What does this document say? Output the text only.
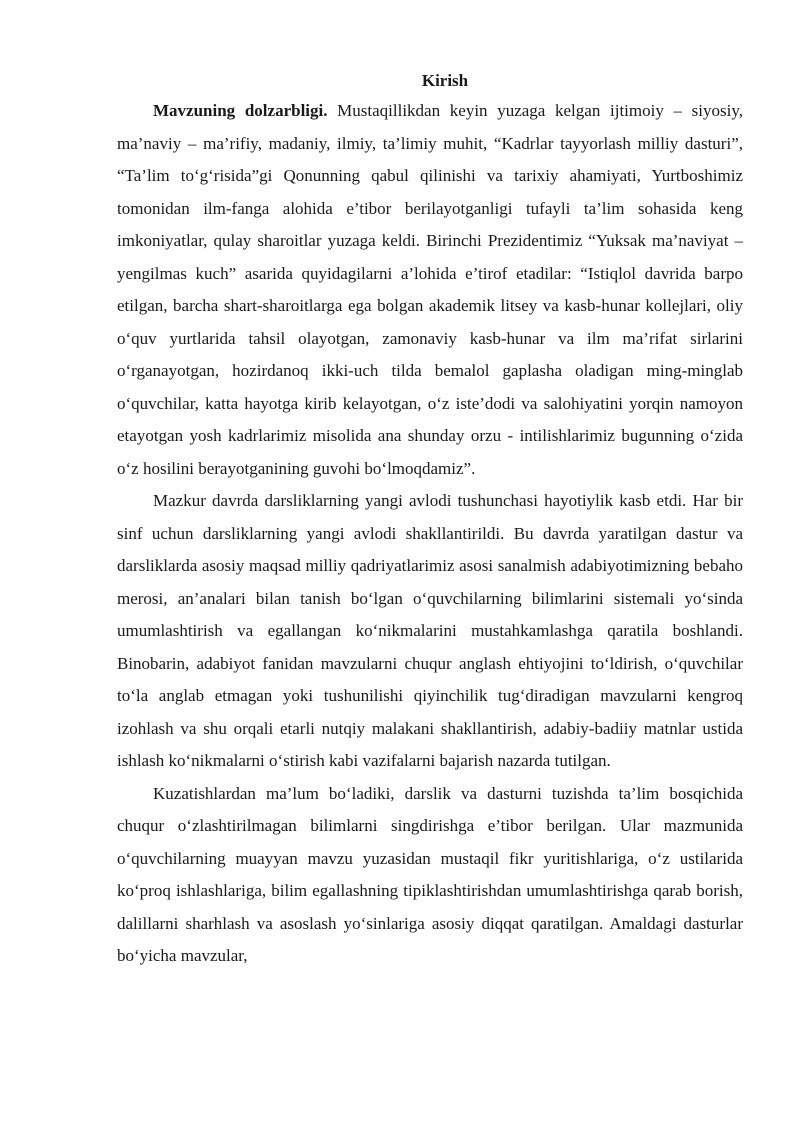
Kirish

Mavzuning dolzarbligi. Mustaqillikdan keyin yuzaga kelgan ijtimoiy – siyosiy, ma’naviy – ma’rifiy, madaniy, ilmiy, ta’limiy muhit, “Kadrlar tayyorlash milliy dasturi”, “Ta’lim to‘g‘risida”gi Qonunning qabul qilinishi va tarixiy ahamiyati, Yurtboshimiz tomonidan ilm-fanga alohida e’tibor berilayotganligi tufayli ta’lim sohasida keng imkoniyatlar, qulay sharoitlar yuzaga keldi. Birinchi Prezidentimiz “Yuksak ma’naviyat – yengilmas kuch” asarida quyidagilarni a’lohida e’tirof etadilar: “Istiqlol davrida barpo etilgan, barcha shart-sharoitlarga ega bolgan akademik litsey va kasb-hunar kollejlari, oliy o‘quv yurtlarida tahsil olayotgan, zamonaviy kasb-hunar va ilm ma’rifat sirlarini o‘rganayotgan, hozirdanoq ikki-uch tilda bemalol gaplasha oladigan ming-minglab o‘quvchilar, katta hayotga kirib kelayotgan, o‘z iste’dodi va salohiyatini yorqin namoyon etayotgan yosh kadrlarimiz misolida ana shunday orzu - intilishlarimiz bugunning o‘zida o‘z hosilini berayotganining guvohi bo‘lmoqdamiz”.

Mazkur davrda darsliklarning yangi avlodi tushunchasi hayotiylik kasb etdi. Har bir sinf uchun darsliklarning yangi avlodi shakllantirildi. Bu davrda yaratilgan dastur va darsliklarda asosiy maqsad milliy qadriyatlarimiz asosi sanalmish adabiyotimizning bebaho merosi, an’analari bilan tanish bo‘lgan o‘quvchilarning bilimlarini sistemali yo‘sinda umumlashtirish va egallangan ko‘nikmalarini mustahkamlashga qaratila boshlandi. Binobarin, adabiyot fanidan mavzularni chuqur anglash ehtiyojini to‘ldirish, o‘quvchilar to‘la anglab etmagan yoki tushunilishi qiyinchilik tug‘diradigan mavzularni kengroq izohlash va shu orqali etarli nutqiy malakani shakllantirish, adabiy-badiiy matnlar ustida ishlash ko‘nikmalarni o‘stirish kabi vazifalarni bajarish nazarda tutilgan.

Kuzatishlardan ma’lum bo‘ladiki, darslik va dasturni tuzishda ta’lim bosqichida chuqur o‘zlashtirilmagan bilimlarni singdirishga e’tibor berilgan. Ular mazmunida o‘quvchilarning muayyan mavzu yuzasidan mustaqil fikr yuritishlariga, o‘z ustilarida ko‘proq ishlashlariga, bilim egallashning tipiklashtirishdan umumlashtirishga qarab borish, dalillarni sharhlash va asoslash yo‘sinlariga asosiy diqqat qaratilgan. Amaldagi dasturlar bo‘yicha mavzular,
